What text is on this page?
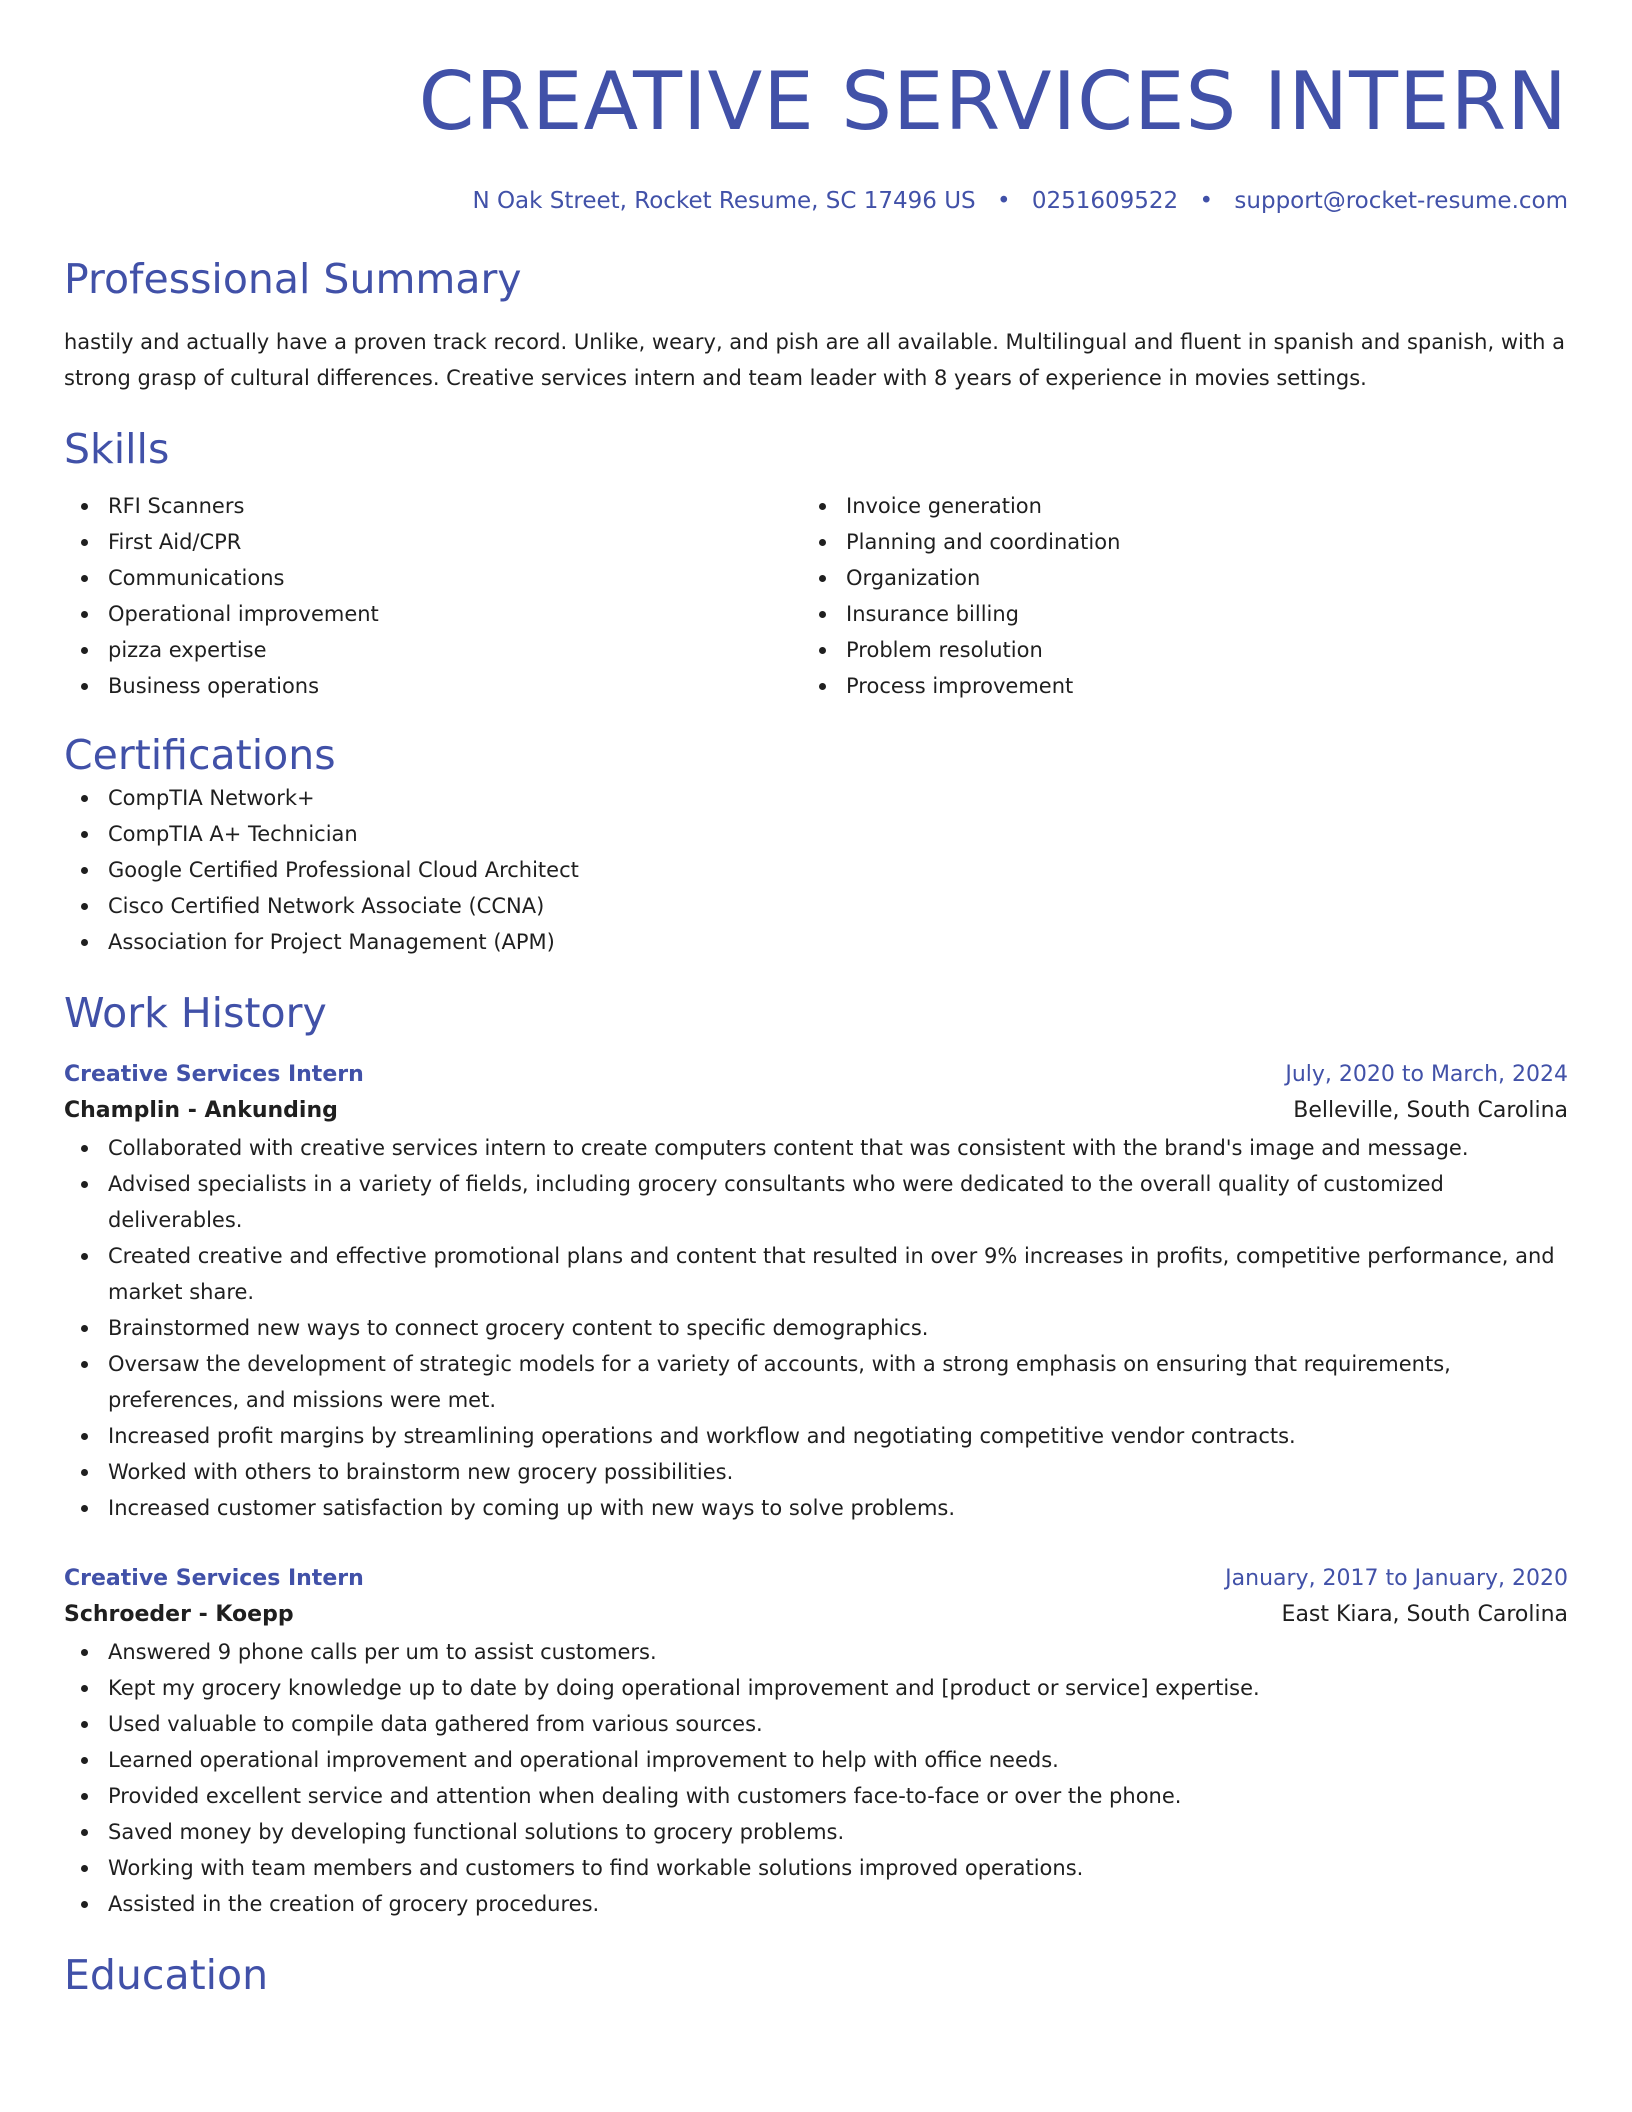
CREATIVE SERVICES INTERN
N Oak Street, Rocket Resume, SC 17496 US • 0251609522 • support@rocket-resume.com
Professional Summary

hastily and actually have a proven track record. Unlike, weary, and pish are all available. Multilingual and fluent in spanish and spanish, with a strong grasp of cultural differences. Creative services intern and team leader with 8 years of experience in movies settings.

Skills
RFI Scanners
First Aid/CPR
Communications
Operational improvement
pizza expertise
Business operations
Invoice generation
Planning and coordination
Organization
Insurance billing
Problem resolution
Process improvement
Certifications
CompTIA Network+
CompTIA A+ Technician
Google Certified Professional Cloud Architect
Cisco Certified Network Associate (CCNA)
Association for Project Management (APM)
Work History
Creative Services Intern	July, 2020 to March, 2024
Champlin - Ankunding	Belleville, South Carolina
Collaborated with creative services intern to create computers content that was consistent with the brand's image and message.
Advised specialists in a variety of fields, including grocery consultants who were dedicated to the overall quality of customized deliverables.
Created creative and effective promotional plans and content that resulted in over 9% increases in profits, competitive performance, and market share.
Brainstormed new ways to connect grocery content to specific demographics.
Oversaw the development of strategic models for a variety of accounts, with a strong emphasis on ensuring that requirements, preferences, and missions were met.
Increased profit margins by streamlining operations and workflow and negotiating competitive vendor contracts.
Worked with others to brainstorm new grocery possibilities.
Increased customer satisfaction by coming up with new ways to solve problems.
Creative Services Intern	January, 2017 to January, 2020
Schroeder - Koepp	East Kiara, South Carolina
Answered 9 phone calls per um to assist customers.
Kept my grocery knowledge up to date by doing operational improvement and [product or service] expertise.
Used valuable to compile data gathered from various sources.
Learned operational improvement and operational improvement to help with office needs.
Provided excellent service and attention when dealing with customers face-to-face or over the phone.
Saved money by developing functional solutions to grocery problems.
Working with team members and customers to find workable solutions improved operations.
Assisted in the creation of grocery procedures.
Education
